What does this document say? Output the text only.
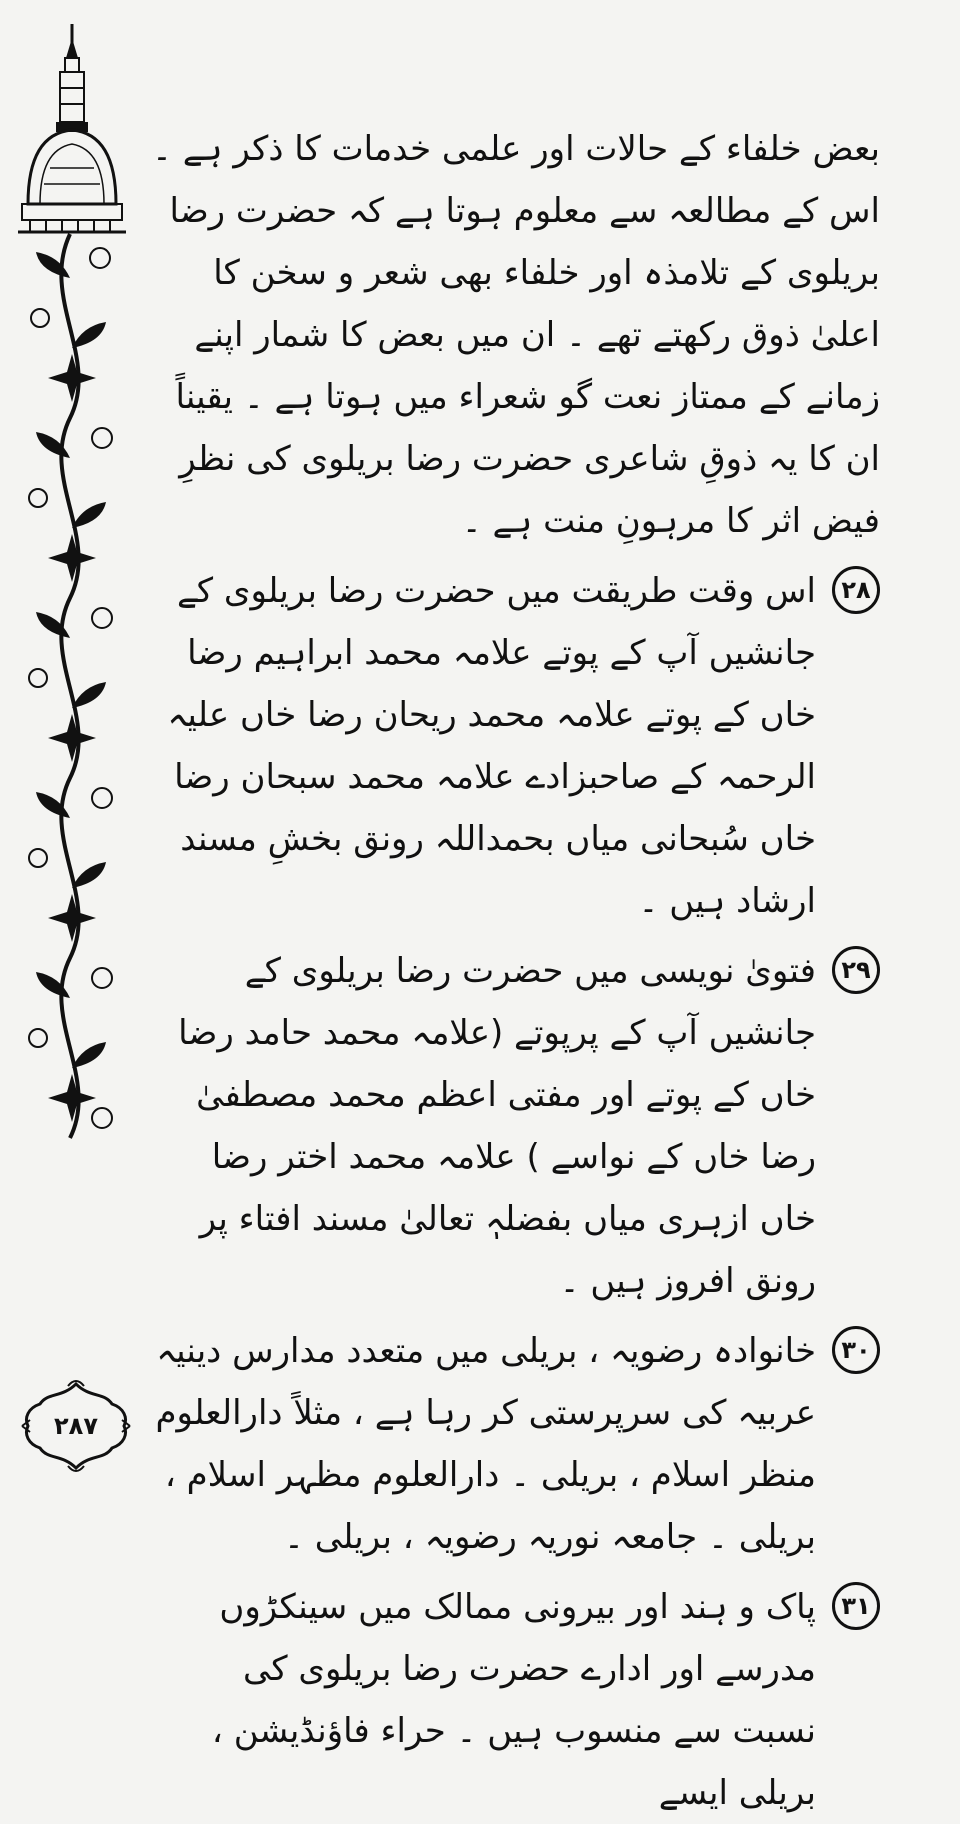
بعض خلفاء کے حالات اور علمی خدمات کا ذکر ہے ۔ اس کے مطالعہ سے معلوم ہوتا ہے کہ حضرت رضا بریلوی کے تلامذہ اور خلفاء بھی شعر و سخن کا اعلیٰ ذوق رکھتے تھے ۔ ان میں بعض کا شمار اپنے زمانے کے ممتاز نعت گو شعراء میں ہوتا ہے ۔ یقیناً ان کا یہ ذوقِ شاعری حضرت رضا بریلوی کی نظرِ فیض اثر کا مرہونِ منت ہے ۔

۲۸

اس وقت طریقت میں حضرت رضا بریلوی کے جانشیں آپ کے پوتے علامہ محمد ابراہیم رضا خاں کے پوتے علامہ محمد ریحان رضا خاں علیہ الرحمہ کے صاحبزادے علامہ محمد سبحان رضا خاں سُبحانی میاں بحمداللہ رونق بخشِ مسند ارشاد ہیں ۔

۲۹

فتویٰ نویسی میں حضرت رضا بریلوی کے جانشیں آپ کے پرپوتے (علامہ محمد حامد رضا خاں کے پوتے اور مفتی اعظم محمد مصطفیٰ رضا خاں کے نواسے ) علامہ محمد اختر رضا خاں ازہری میاں بفضلہٖ تعالیٰ مسند افتاء پر رونق افروز ہیں ۔

۳۰

خانوادہ رضویہ ، بریلی میں متعدد مدارس دینیہ عربیہ کی سرپرستی کر رہا ہے ، مثلاً دارالعلوم منظر اسلام ، بریلی ۔ دارالعلوم مظہر اسلام ، بریلی ۔ جامعہ نوریہ رضویہ ، بریلی ۔

۳۱

پاک و ہند اور بیرونی ممالک میں سینکڑوں مدرسے اور ادارے حضرت رضا بریلوی کی نسبت سے منسوب ہیں ۔ حراء فاؤنڈیشن ، بریلی ایسے

۲۸۷
